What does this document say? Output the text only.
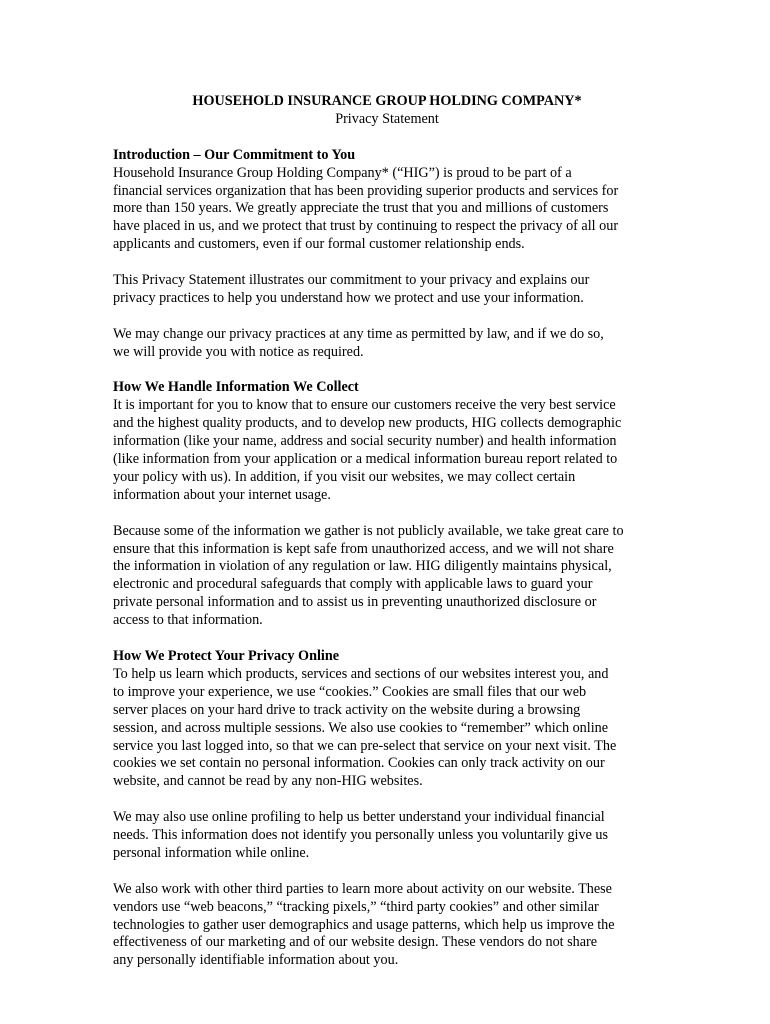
HOUSEHOLD INSURANCE GROUP HOLDING COMPANY*
Privacy Statement
Introduction – Our Commitment to You

Household Insurance Group Holding Company* (“HIG”) is proud to be part of a
financial services organization that has been providing superior products and services for
more than 150 years. We greatly appreciate the trust that you and millions of customers
have placed in us, and we protect that trust by continuing to respect the privacy of all our
applicants and customers, even if our formal customer relationship ends.

This Privacy Statement illustrates our commitment to your privacy and explains our
privacy practices to help you understand how we protect and use your information.

We may change our privacy practices at any time as permitted by law, and if we do so,
we will provide you with notice as required.

How We Handle Information We Collect

It is important for you to know that to ensure our customers receive the very best service
and the highest quality products, and to develop new products, HIG collects demographic
information (like your name, address and social security number) and health information
(like information from your application or a medical information bureau report related to
your policy with us). In addition, if you visit our websites, we may collect certain
information about your internet usage.

Because some of the information we gather is not publicly available, we take great care to
ensure that this information is kept safe from unauthorized access, and we will not share
the information in violation of any regulation or law. HIG diligently maintains physical,
electronic and procedural safeguards that comply with applicable laws to guard your
private personal information and to assist us in preventing unauthorized disclosure or
access to that information.

How We Protect Your Privacy Online

To help us learn which products, services and sections of our websites interest you, and
to improve your experience, we use “cookies.” Cookies are small files that our web
server places on your hard drive to track activity on the website during a browsing
session, and across multiple sessions. We also use cookies to “remember” which online
service you last logged into, so that we can pre-select that service on your next visit. The
cookies we set contain no personal information. Cookies can only track activity on our
website, and cannot be read by any non-HIG websites.

We may also use online profiling to help us better understand your individual financial
needs. This information does not identify you personally unless you voluntarily give us
personal information while online.

We also work with other third parties to learn more about activity on our website. These
vendors use “web beacons,” “tracking pixels,” “third party cookies” and other similar
technologies to gather user demographics and usage patterns, which help us improve the
effectiveness of our marketing and of our website design. These vendors do not share
any personally identifiable information about you.
